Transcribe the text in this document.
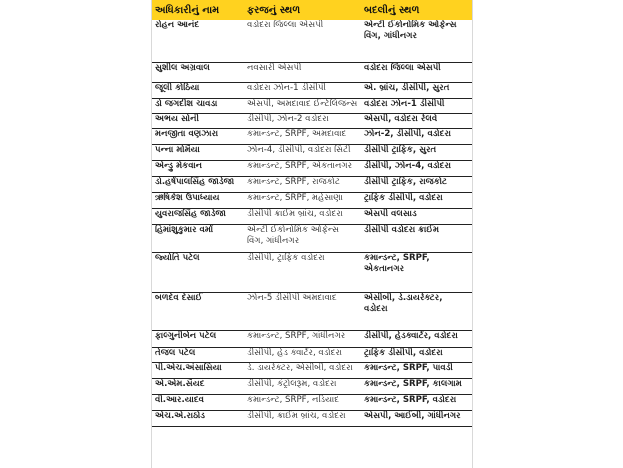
અધિકારીનું નામ	ફરજનું સ્થળ	બદલીનું સ્થળ
રોહન આનંદ	વડોદરા જિલ્લા એસપી	એન્ટી ઈકોનોમિક ઓફેન્સ વિંગ, ગાંધીનગર
સુશીલ અગ્રવાલ	નવસારી એસપી	વડોદરા જિલ્લા એસપી
જૂલી કોઠિયા	વડોદરા ઝોન-1 ડીસીપી	એ. બ્રાંચ, ડીસીપી, સુરત
ડો જગદીશ ચાવડા	એસપી, અમદાવાદ ઈન્ટેલિજન્સ	વડોદરા ઝોન-1 ડીસીપી
અભય સોની	ડીસીપી, ઝોન-2 વડોદરા	એસપી, વડોદરા રેલવે
મનજીતા વણઝારા	કમાન્ડન્ટ, SRPF, અમદાવાદ	ઝોન-2, ડીસીપી, વડોદરા
પન્ના મોમૈયા	ઝોન-4, ડીસીપી, વડોદરા સિટી	ડીસીપી ટ્રાફિક, સુરત
એન્ડ્રુ મેકવાન	કમાન્ડન્ટ, SRPF, એકતાનગર	ડીસીપી, ઝોન-4, વડોદરા
ડો.હર્ષપાલસિંહ જાડેજા	કમાન્ડન્ટ, SRPF, રાજકોટ	ડીસીપી ટ્રાફિક, રાજકોટ
ઋષિકેશ ઉપાધ્યાય	કમાન્ડન્ટ, SRPF, મહેસાણા	ટ્રાફિક ડીસીપી, વડોદરા
યુવરાજસિંહ જાડેજા	ડીસીપી ક્રાઈમ બ્રાંચ, વડોદરા	એસપી વલસાડ
હિમાંશુકુમાર વર્મા	એન્ટી ઈકોનોમિક ઓફેન્સ વિંગ, ગાંધીનગર	ડીસીપી વડોદરા ક્રાઈમ
જ્યોતિ પટેલ	ડીસીપી, ટ્રાફિક વડોદરા	કમાન્ડન્ટ, SRPF, એકતાનગર
બળદેવ દેસાઈ	ઝોન-5 ડીસીપી અમદાવાદ	એસીબી, ડે.ડાયરેક્ટર, વડોદરા
ફાલ્ગુનીબેન પટેલ	કમાન્ડન્ટ, SRPF, ગાંધીનગર	ડીસીપી, હેડક્વાર્ટર, વડોદરા
તેજલ પટેલ	ડીસીપી, હેડ ક્વાર્ટર, વડોદરા	ટ્રાફિક ડીસીપી, વડોદરા
પી.એચ.અંસાસિયા	ડે. ડાયરેક્ટર, એસીબી, વડોદરા	કમાન્ડન્ટ, SRPF, પાવડી
એ.એમ.સૈયદ	ડીસીપી, કંટ્રોલરૂમ, વડોદરા	કમાન્ડન્ટ, SRPF, કાલગામ
વી.આર.યાદવ	કમાન્ડન્ટ, SRPF, નડિયાદ	કમાન્ડન્ટ, SRPF, વડોદરા
એચ.એ.રાઠોડ	ડીસીપી, ક્રાઈમ બ્રાંચ, વડોદરા	એસપી, આઈબી, ગાંધીનગર
